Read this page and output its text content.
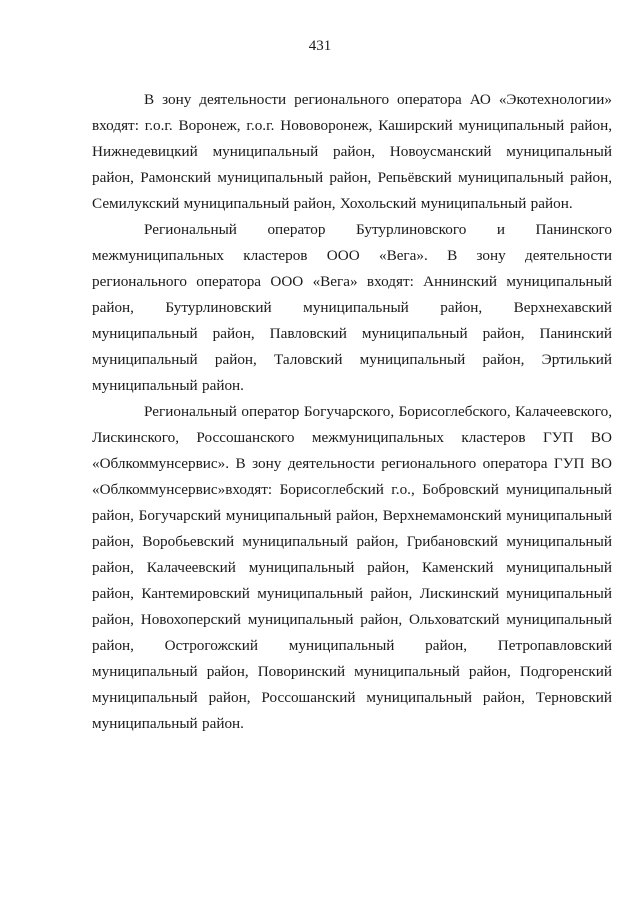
431

В зону деятельности регионального оператора АО «Экотехнологии» входят: г.о.г. Воронеж, г.о.г. Нововоронеж, Каширский муниципальный район, Нижнедевицкий муниципальный район, Новоусманский муниципальный район, Рамонский муниципальный район, Репьёвский муниципальный район, Семилукский муниципальный район, Хохольский муниципальный район.

Региональный оператор Бутурлиновского и Панинского межмуниципальных кластеров ООО «Вега». В зону деятельности регионального оператора ООО «Вега» входят: Аннинский муниципальный район, Бутурлиновский муниципальный район, Верхнехавский муниципальный район, Павловский муниципальный район, Панинский муниципальный район, Таловский муниципальный район, Эртилький муниципальный район.

Региональный оператор Богучарского, Борисоглебского, Калачеевского, Лискинского, Россошанского межмуниципальных кластеров ГУП ВО «Облкоммунсервис». В зону деятельности регионального оператора ГУП ВО «Облкоммунсервис»входят: Борисоглебский г.о., Бобровский муниципальный район, Богучарский муниципальный район, Верхнемамонский муниципальный район, Воробьевский муниципальный район, Грибановский муниципальный район, Калачеевский муниципальный район, Каменский муниципальный район, Кантемировский муниципальный район, Лискинский муниципальный район, Новохоперский муниципальный район, Ольховатский муниципальный район, Острогожский муниципальный район, Петропавловский муниципальный район, Поворинский муниципальный район, Подгоренский муниципальный район, Россошанский муниципальный район, Терновский муниципальный район.
